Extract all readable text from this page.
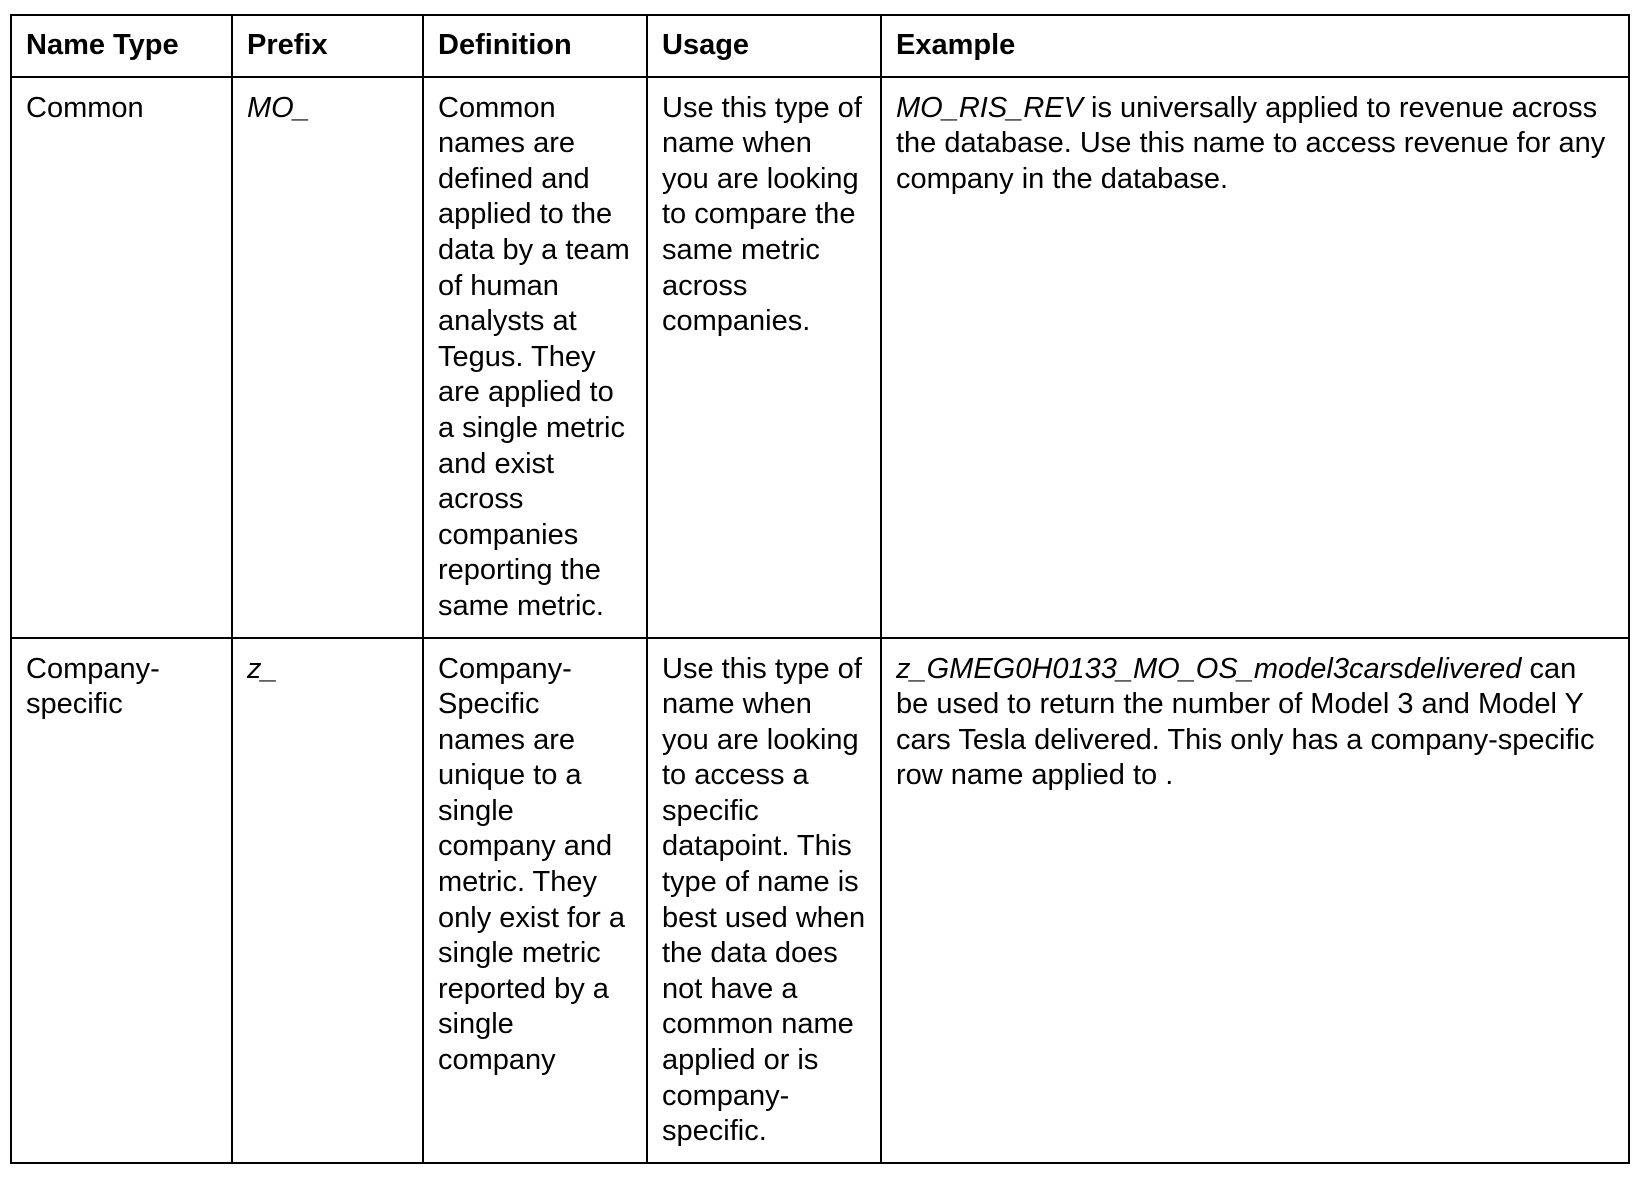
Name Type	Prefix	Definition	Usage	Example
Common	MO_	Common names are defined and applied to the data by a team of human analysts at Tegus. They are applied to a single metric and exist across companies reporting the same metric.	Use this type of name when you are looking to compare the same metric across companies.	MO_RIS_REV is universally applied to revenue across the database. Use this name to access revenue for any company in the database.
Company-specific	z_	Company-Specific names are unique to a single company and metric. They only exist for a single metric reported by a single company	Use this type of name when you are looking to access a specific datapoint. This type of name is best used when the data does not have a common name applied or is company-specific.	z_GMEG0H0133_MO_OS_model3carsdelivered can be used to return the number of Model 3 and Model Y cars Tesla delivered. This only has a company-specific row name applied to .
